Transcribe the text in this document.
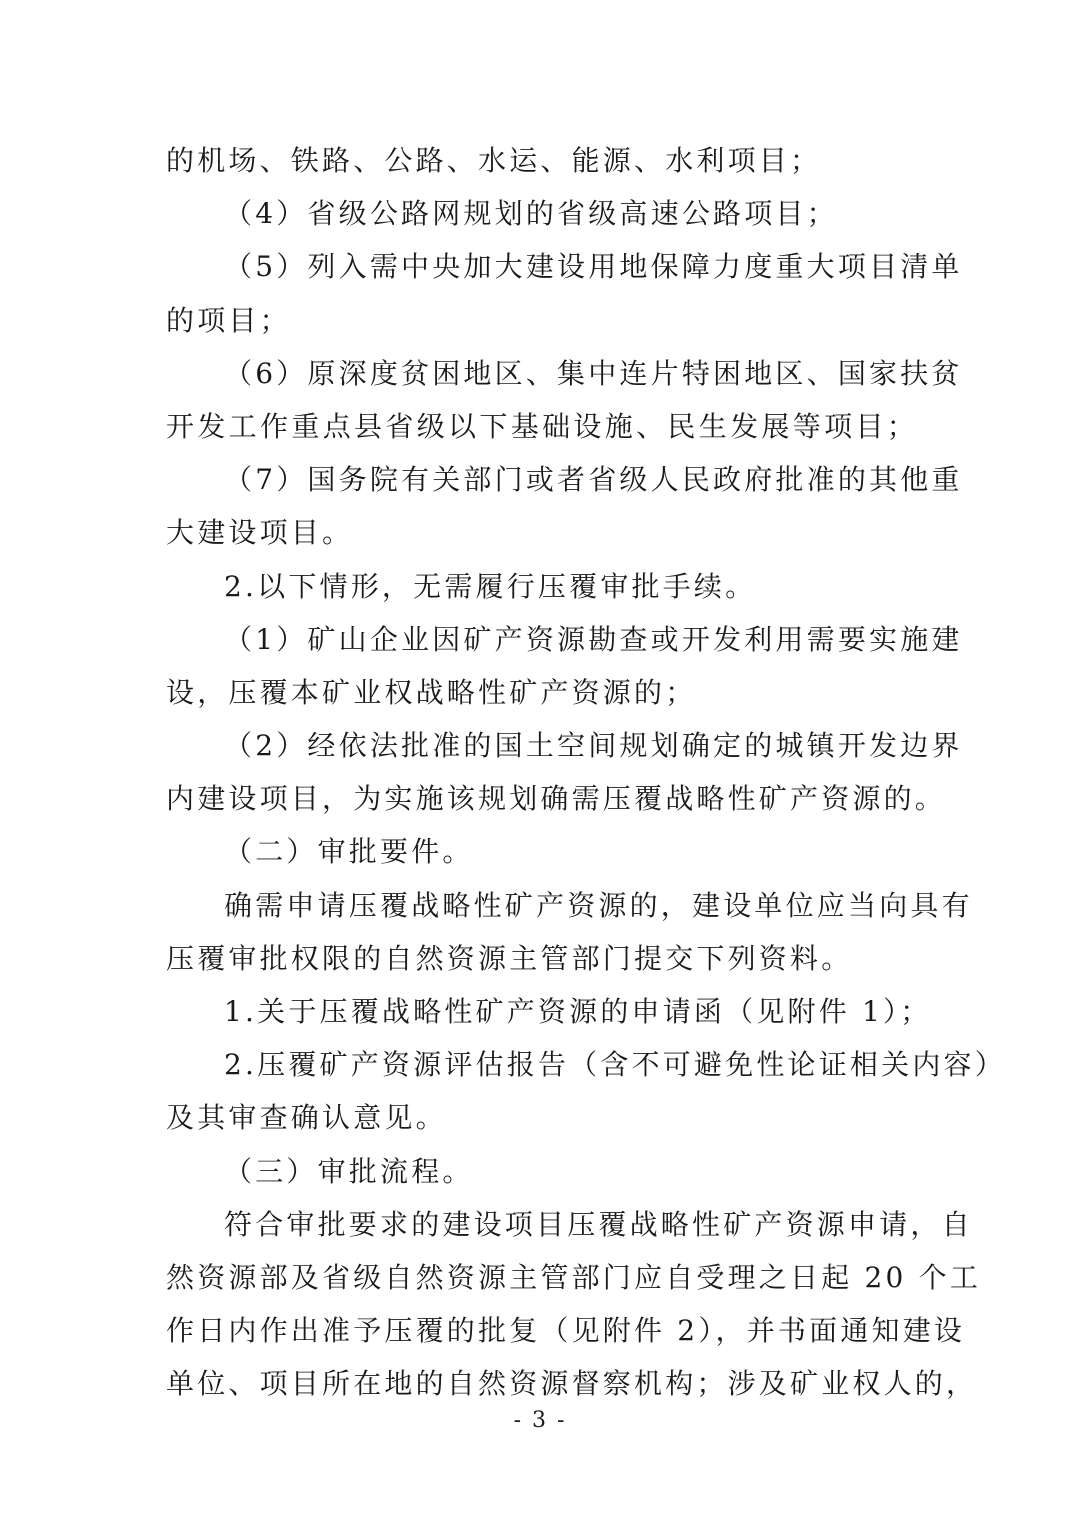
的机场、铁路、公路、水运、能源、水利项目；
（4）省级公路网规划的省级高速公路项目；
（5）列入需中央加大建设用地保障力度重大项目清单
的项目；
（6）原深度贫困地区、集中连片特困地区、国家扶贫
开发工作重点县省级以下基础设施、民生发展等项目；
（7）国务院有关部门或者省级人民政府批准的其他重
大建设项目。
2.以下情形，无需履行压覆审批手续。
（1）矿山企业因矿产资源勘查或开发利用需要实施建
设，压覆本矿业权战略性矿产资源的；
（2）经依法批准的国土空间规划确定的城镇开发边界
内建设项目，为实施该规划确需压覆战略性矿产资源的。
（二）审批要件。
确需申请压覆战略性矿产资源的，建设单位应当向具有
压覆审批权限的自然资源主管部门提交下列资料。
1.关于压覆战略性矿产资源的申请函（见附件 1）；
2.压覆矿产资源评估报告（含不可避免性论证相关内容）
及其审查确认意见。
（三）审批流程。
符合审批要求的建设项目压覆战略性矿产资源申请，自
然资源部及省级自然资源主管部门应自受理之日起 20 个工
作日内作出准予压覆的批复（见附件 2），并书面通知建设
单位、项目所在地的自然资源督察机构；涉及矿业权人的，
- 3 -
